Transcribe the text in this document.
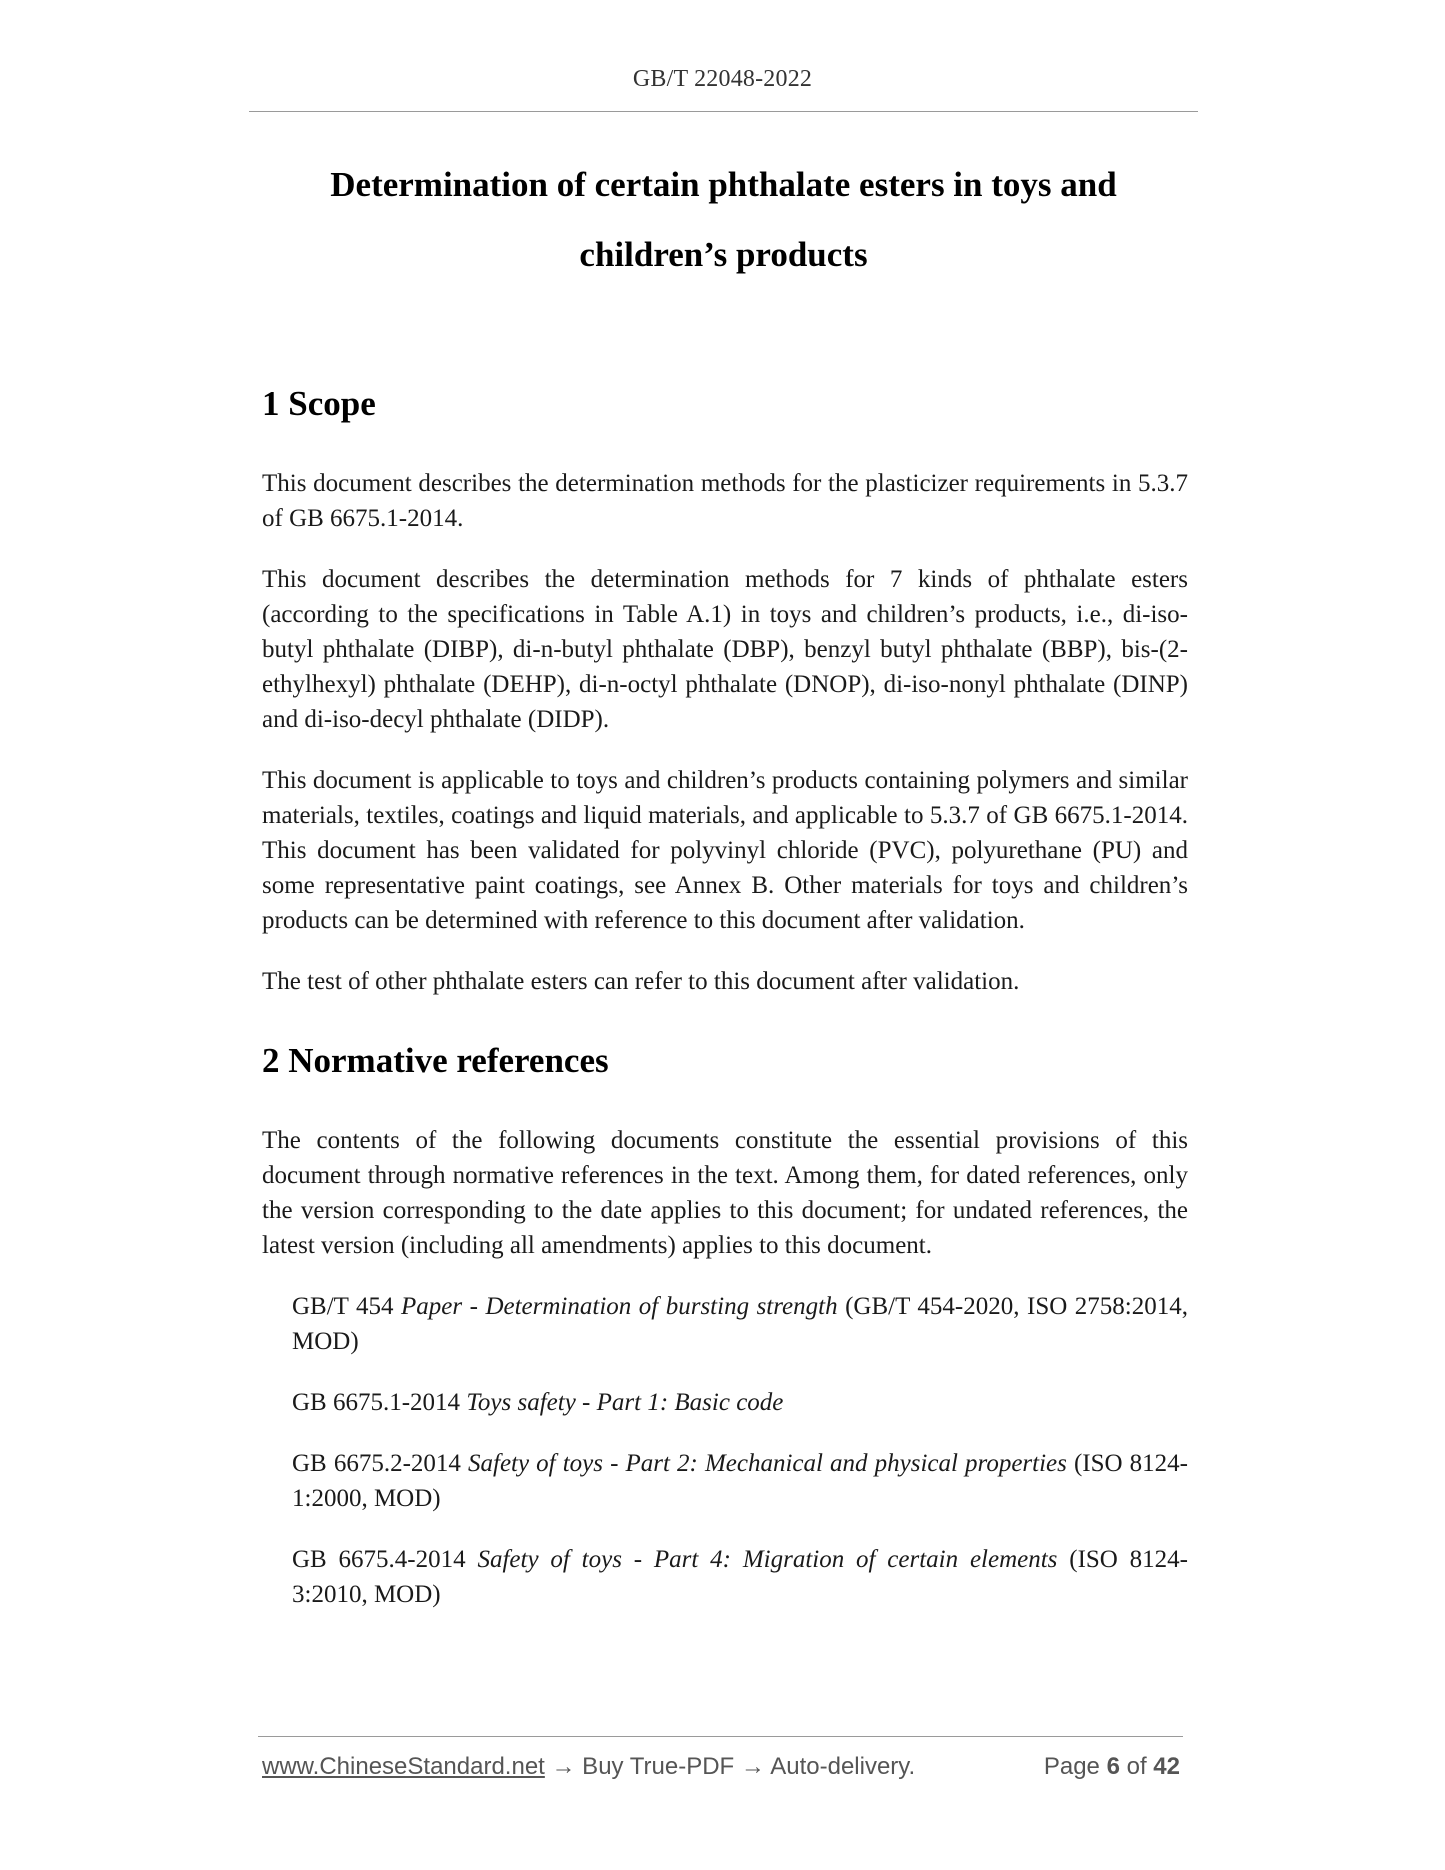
GB/T 22048-2022
Determination of certain phthalate esters in toys and
children’s products
1 Scope

This document describes the determination methods for the plasticizer requirements in 5.3.7 of GB 6675.1-2014.

This document describes the determination methods for 7 kinds of phthalate esters (according to the specifications in Table A.1) in toys and children’s products, i.e., di-iso-butyl phthalate (DIBP), di-n-butyl phthalate (DBP), benzyl butyl phthalate (BBP), bis-(2-ethylhexyl) phthalate (DEHP), di-n-octyl phthalate (DNOP), di-iso-nonyl phthalate (DINP) and di-iso-decyl phthalate (DIDP).

This document is applicable to toys and children’s products containing polymers and similar materials, textiles, coatings and liquid materials, and applicable to 5.3.7 of GB 6675.1-2014. This document has been validated for polyvinyl chloride (PVC), polyurethane (PU) and some representative paint coatings, see Annex B. Other materials for toys and children’s products can be determined with reference to this document after validation.

The test of other phthalate esters can refer to this document after validation.

2 Normative references

The contents of the following documents constitute the essential provisions of this document through normative references in the text. Among them, for dated references, only the version corresponding to the date applies to this document; for undated references, the latest version (including all amendments) applies to this document.

GB/T 454 Paper - Determination of bursting strength (GB/T 454-2020, ISO 2758:2014, MOD)

GB 6675.1-2014 Toys safety - Part 1: Basic code

GB 6675.2-2014 Safety of toys - Part 2: Mechanical and physical properties (ISO 8124-1:2000, MOD)

GB 6675.4-2014 Safety of toys - Part 4: Migration of certain elements (ISO 8124-3:2010, MOD)

www.ChineseStandard.net → Buy True-PDF → Auto-delivery.	Page 6 of 42
